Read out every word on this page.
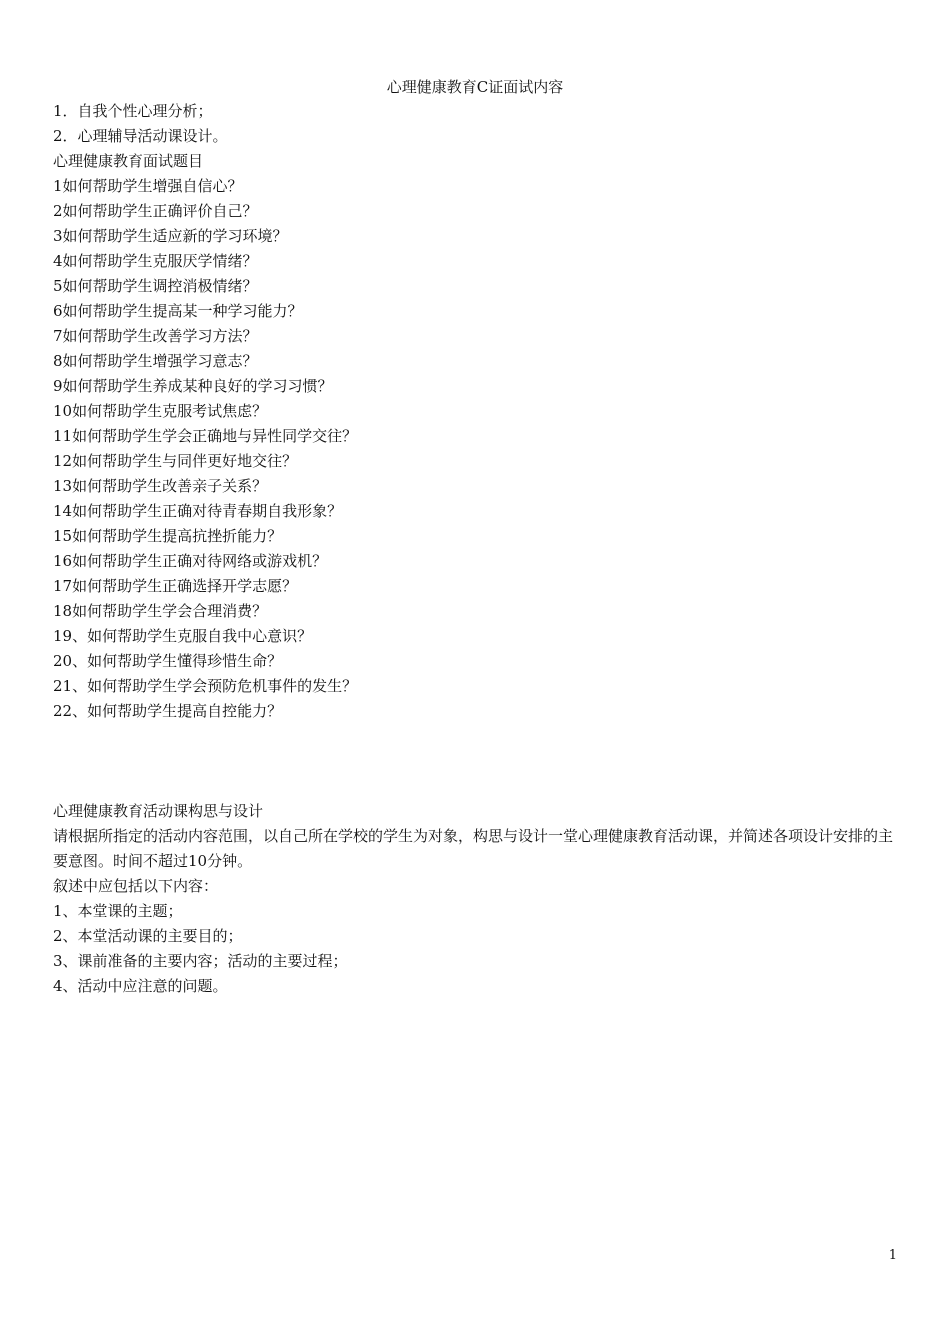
心理健康教育C证面试内容
1．自我个性心理分析；
2．心理辅导活动课设计。
心理健康教育面试题目
1如何帮助学生增强自信心？
2如何帮助学生正确评价自己？
3如何帮助学生适应新的学习环境？
4如何帮助学生克服厌学情绪？
5如何帮助学生调控消极情绪？
6如何帮助学生提高某一种学习能力？
7如何帮助学生改善学习方法？
8如何帮助学生增强学习意志？
9如何帮助学生养成某种良好的学习习惯？
10如何帮助学生克服考试焦虑？
11如何帮助学生学会正确地与异性同学交往？
12如何帮助学生与同伴更好地交往？
13如何帮助学生改善亲子关系？
14如何帮助学生正确对待青春期自我形象？
15如何帮助学生提高抗挫折能力？
16如何帮助学生正确对待网络或游戏机？
17如何帮助学生正确选择开学志愿？
18如何帮助学生学会合理消费？
19、如何帮助学生克服自我中心意识？
20、如何帮助学生懂得珍惜生命？
21、如何帮助学生学会预防危机事件的发生？
22、如何帮助学生提高自控能力？
心理健康教育活动课构思与设计
请根据所指定的活动内容范围，以自己所在学校的学生为对象，构思与设计一堂心理健康教育活动课，并简述各项设计安排的主要意图。时间不超过10分钟。
叙述中应包括以下内容：
1、本堂课的主题；
2、本堂活动课的主要目的；
3、课前准备的主要内容；活动的主要过程；
4、活动中应注意的问题。
1
